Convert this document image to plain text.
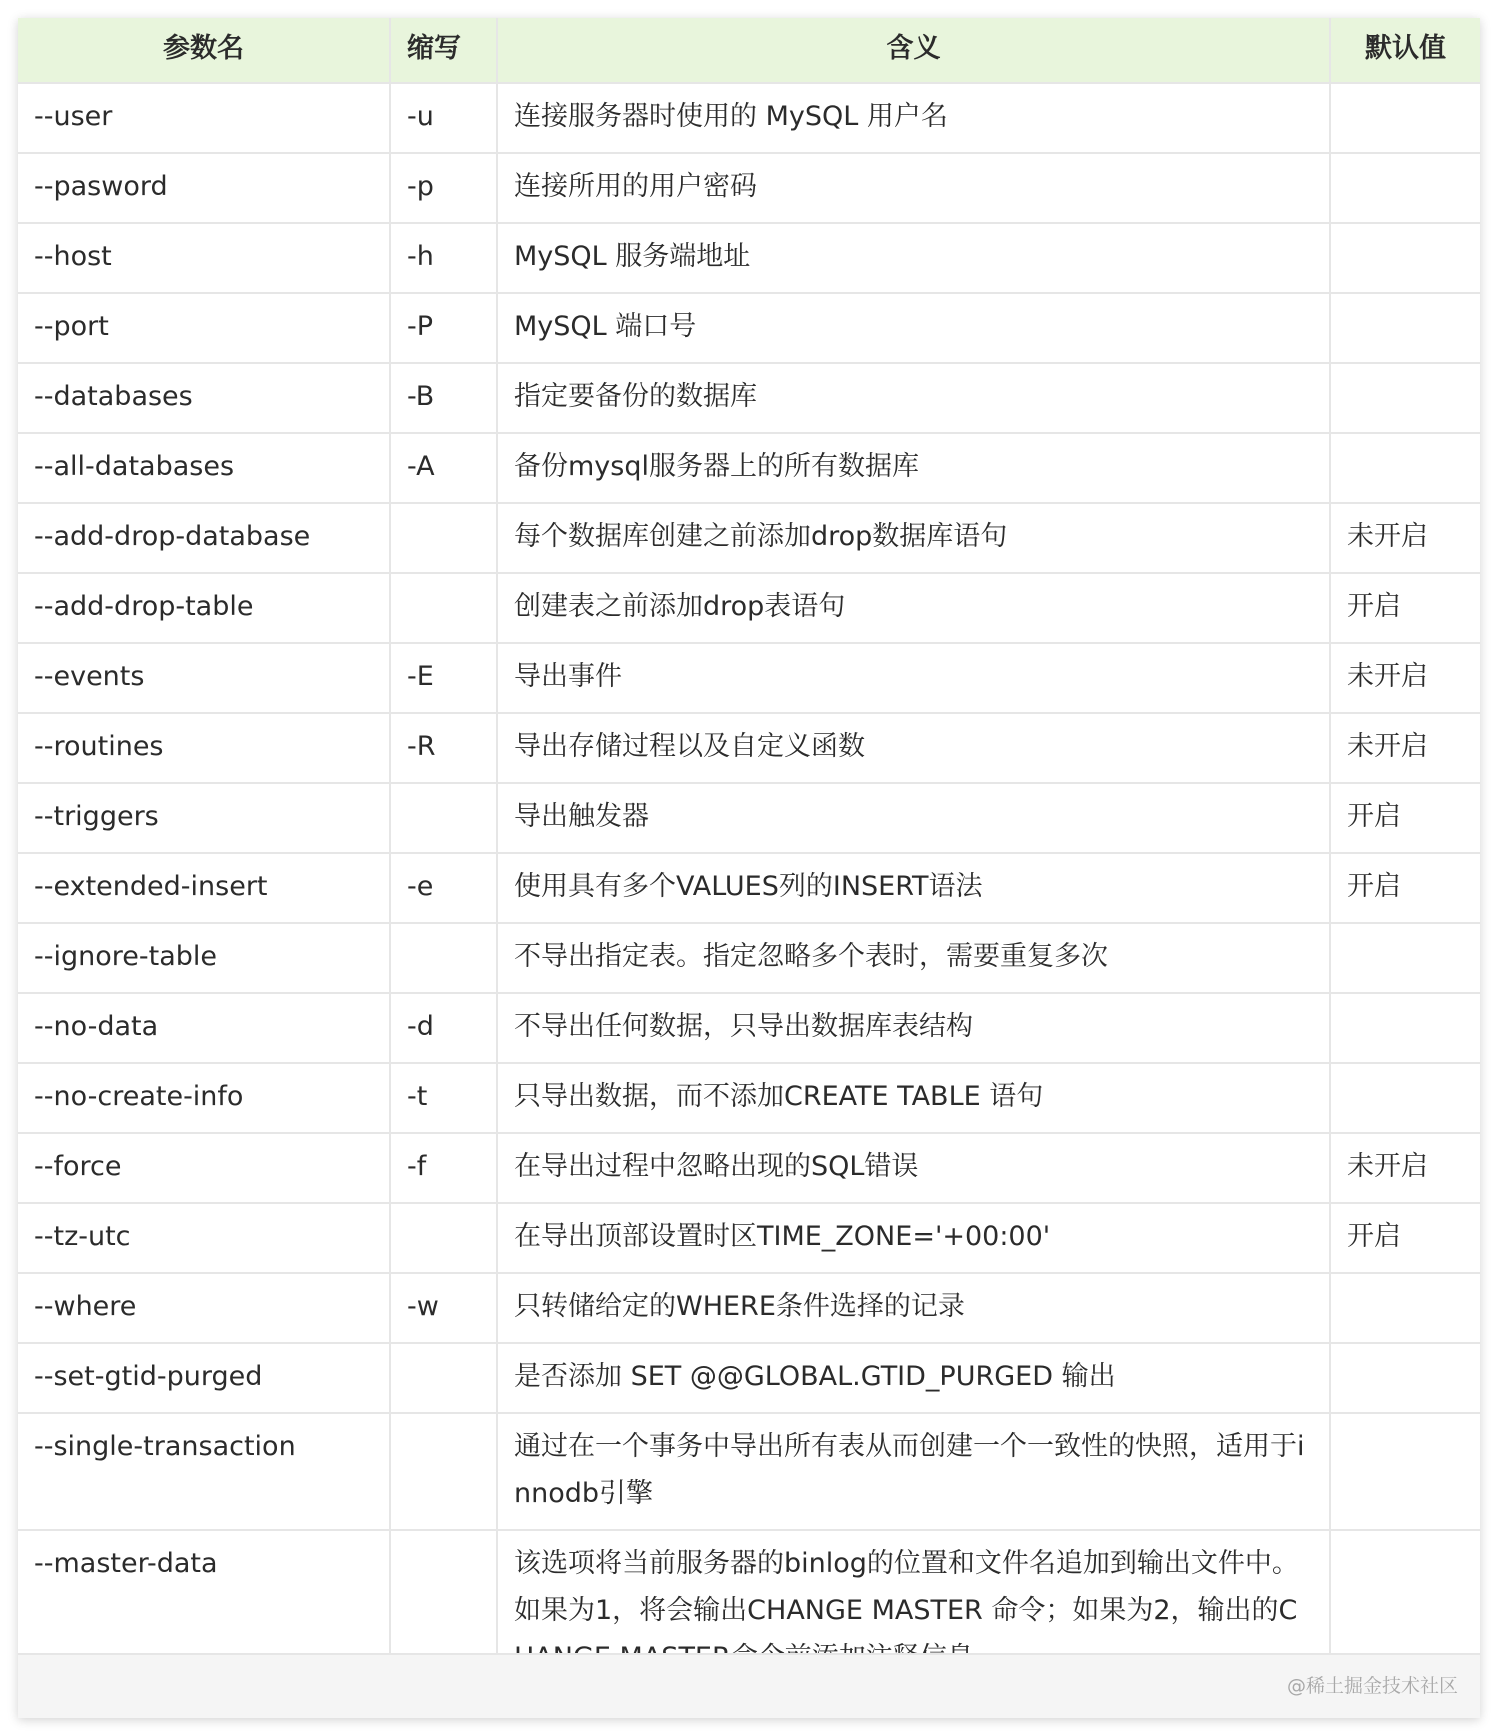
参数名	缩写	含义	默认值
--user	-u	连接服务器时使用的 MySQL 用户名	
--pasword	-p	连接所用的用户密码	
--host	-h	MySQL 服务端地址	
--port	-P	MySQL 端口号	
--databases	-B	指定要备份的数据库	
--all-databases	-A	备份mysql服务器上的所有数据库	
--add-drop-database		每个数据库创建之前添加drop数据库语句	未开启
--add-drop-table		创建表之前添加drop表语句	开启
--events	-E	导出事件	未开启
--routines	-R	导出存储过程以及自定义函数	未开启
--triggers		导出触发器	开启
--extended-insert	-e	使用具有多个VALUES列的INSERT语法	开启
--ignore-table		不导出指定表。指定忽略多个表时，需要重复多次	
--no-data	-d	不导出任何数据，只导出数据库表结构	
--no-create-info	-t	只导出数据，而不添加CREATE TABLE 语句	
--force	-f	在导出过程中忽略出现的SQL错误	未开启
--tz-utc		在导出顶部设置时区TIME_ZONE='+00:00'	开启
--where	-w	只转储给定的WHERE条件选择的记录	
--set-gtid-purged		是否添加 SET @@GLOBAL.GTID_PURGED 输出	
--single-transaction		通过在一个事务中导出所有表从而创建一个一致性的快照，适用于innodb引擎	
--master-data		该选项将当前服务器的binlog的位置和文件名追加到输出文件中。如果为1，将会输出CHANGE MASTER 命令；如果为2，输出的C	
@稀土掘金技术社区
